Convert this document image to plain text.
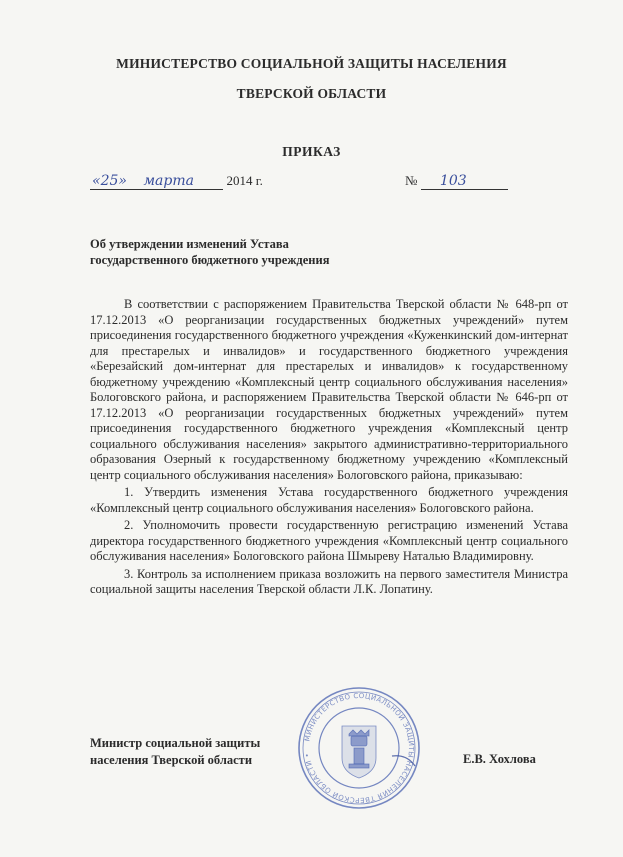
МИНИСТЕРСТВО СОЦИАЛЬНОЙ ЗАЩИТЫ НАСЕЛЕНИЯ
ТВЕРСКОЙ ОБЛАСТИ
ПРИКАЗ
«25» марта	2014 г.	№ 103
Об утверждении изменений Устава
государственного бюджетного учреждения

В соответствии с распоряжением Правительства Тверской области № 648-рп от 17.12.2013 «О реорганизации государственных бюджетных учреждений» путем присоединения государственного бюджетного учреждения «Куженкинский дом-интернат для престарелых и инвалидов» и государственного бюджетного учреждения «Березайский дом-интернат для престарелых и инвалидов» к государственному бюджетному учреждению «Комплексный центр социального обслуживания населения» Бологовского района, и распоряжением Правительства Тверской области № 646-рп от 17.12.2013 «О реорганизации государственных бюджетных учреждений» путем присоединения государственного бюджетного учреждения «Комплексный центр социального обслуживания населения» закрытого административно-территориального образования Озерный к государственному бюджетному учреждению «Комплексный центр социального обслуживания населения» Бологовского района, приказываю:

1. Утвердить изменения Устава государственного бюджетного учреждения «Комплексный центр социального обслуживания населения» Бологовского района.

2. Уполномочить провести государственную регистрацию изменений Устава директора государственного бюджетного учреждения «Комплексный центр социального обслуживания населения» Бологовского района Шмыреву Наталью Владимировну.

3. Контроль за исполнением приказа возложить на первого заместителя Министра социальной защиты населения Тверской области Л.К. Лопатину.

Министр социальной защиты
населения Тверской области	Е.В. Хохлова
МИНИСТЕРСТВО СОЦИАЛЬНОЙ ЗАЩИТЫ НАСЕЛЕНИЯ ТВЕРСКОЙ ОБЛАСТИ •
